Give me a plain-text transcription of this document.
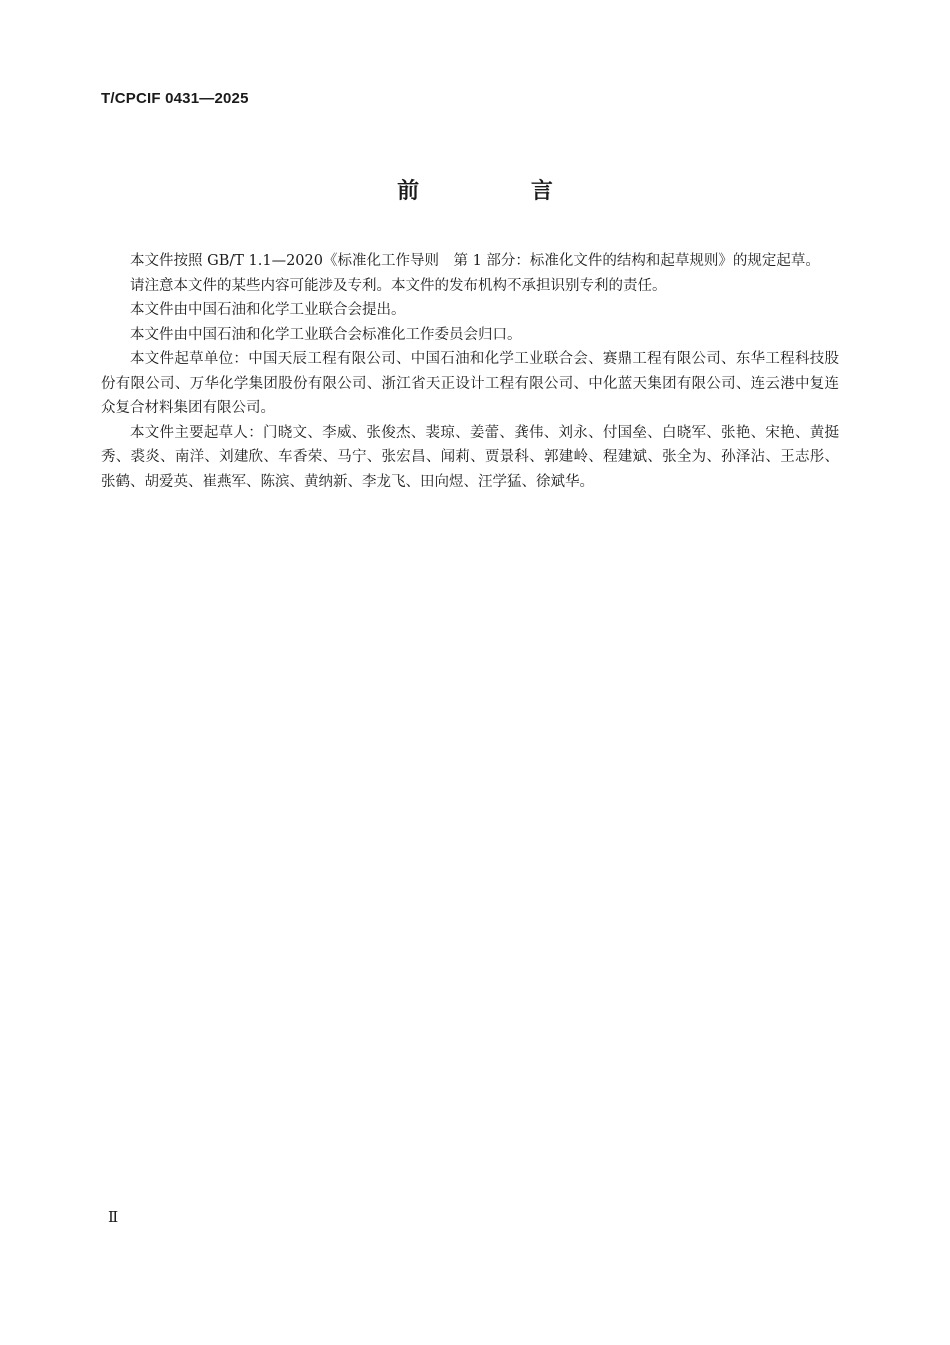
T/CPCIF 0431—2025
前 言

本文件按照 GB/T 1.1—2020《标准化工作导则　第 1 部分：标准化文件的结构和起草规则》的规定起草。

请注意本文件的某些内容可能涉及专利。本文件的发布机构不承担识别专利的责任。

本文件由中国石油和化学工业联合会提出。

本文件由中国石油和化学工业联合会标准化工作委员会归口。

本文件起草单位：中国天辰工程有限公司、中国石油和化学工业联合会、赛鼎工程有限公司、东华工程科技股份有限公司、万华化学集团股份有限公司、浙江省天正设计工程有限公司、中化蓝天集团有限公司、连云港中复连众复合材料集团有限公司。

本文件主要起草人：门晓文、李威、张俊杰、裴琼、姜蕾、龚伟、刘永、付国垒、白晓军、张艳、宋艳、黄挺秀、裘炎、南洋、刘建欣、车香荣、马宁、张宏昌、闻莉、贾景科、郭建岭、程建斌、张全为、孙泽沾、王志彤、张鹤、胡爱英、崔燕军、陈滨、黄纳新、李龙飞、田向煜、汪学猛、徐斌华。

Ⅱ
